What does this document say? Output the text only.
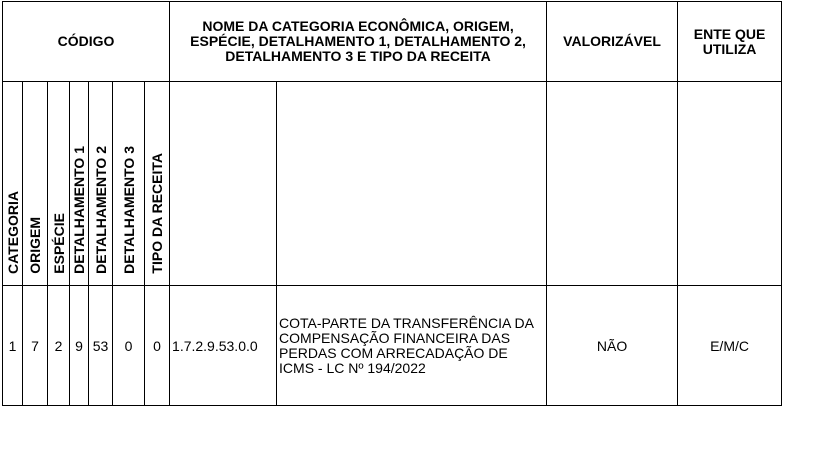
CÓDIGO							NOME DA CATEGORIA ECONÔMICA, ORIGEM, ESPÉCIE, DETALHAMENTO 1, DETALHAMENTO 2, DETALHAMENTO 3 E TIPO DA RECEITA		VALORIZÁVEL	ENTE QUE UTILIZA
CATEGORIA	ORIGEM	ESPÉCIE	DETALHAMENTO 1	DETALHAMENTO 2	DETALHAMENTO 3	TIPO DA RECEITA				
1	7	2	9	53	0	0	1.7.2.9.53.0.0	COTA-PARTE DA TRANSFERÊNCIA DA COMPENSAÇÃO FINANCEIRA DAS PERDAS COM ARRECADAÇÃO DE ICMS - LC Nº 194/2022	NÃO	E/M/C
